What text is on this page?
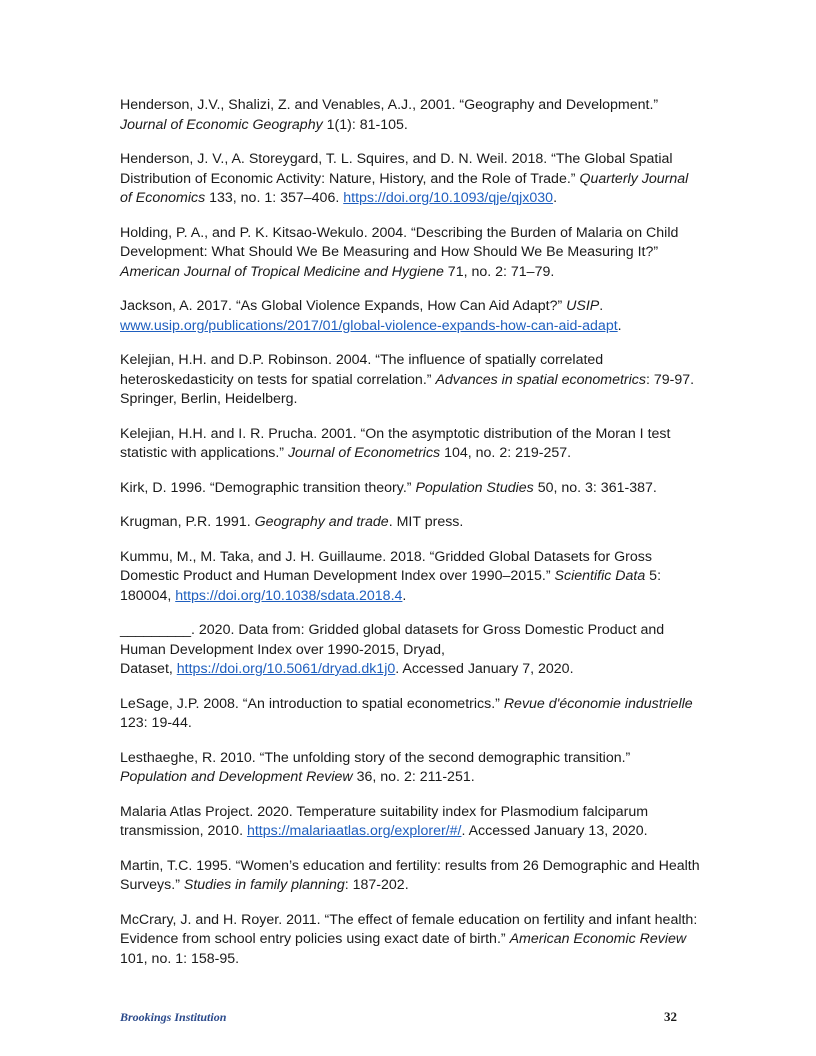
Henderson, J.V., Shalizi, Z. and Venables, A.J., 2001. “Geography and Development.” Journal of Economic Geography 1(1): 81-105.

Henderson, J. V., A. Storeygard, T. L. Squires, and D. N. Weil. 2018. “The Global Spatial Distribution of Economic Activity: Nature, History, and the Role of Trade.” Quarterly Journal of Economics 133, no. 1: 357–406. https://doi.org/10.1093/qje/qjx030.

Holding, P. A., and P. K. Kitsao-Wekulo. 2004. “Describing the Burden of Malaria on Child Development: What Should We Be Measuring and How Should We Be Measuring It?” American Journal of Tropical Medicine and Hygiene 71, no. 2: 71–79.

Jackson, A. 2017. “As Global Violence Expands, How Can Aid Adapt?” USIP. www.usip.org/publications/2017/01/global-violence-expands-how-can-aid-adapt.

Kelejian, H.H. and D.P. Robinson. 2004. “The influence of spatially correlated heteroskedasticity on tests for spatial correlation.” Advances in spatial econometrics: 79-97. Springer, Berlin, Heidelberg.

Kelejian, H.H. and I. R. Prucha. 2001. “On the asymptotic distribution of the Moran I test statistic with applications.” Journal of Econometrics 104, no. 2: 219-257.

Kirk, D. 1996. “Demographic transition theory.” Population Studies 50, no. 3: 361-387.

Krugman, P.R. 1991. Geography and trade. MIT press.

Kummu, M., M. Taka, and J. H. Guillaume. 2018. “Gridded Global Datasets for Gross Domestic Product and Human Development Index over 1990–2015.” Scientific Data 5: 180004, https://doi.org/10.1038/sdata.2018.4.

_________. 2020. Data from: Gridded global datasets for Gross Domestic Product and Human Development Index over 1990-2015, Dryad,
Dataset, https://doi.org/10.5061/dryad.dk1j0. Accessed January 7, 2020.

LeSage, J.P. 2008. “An introduction to spatial econometrics.” Revue d'économie industrielle 123: 19-44.

Lesthaeghe, R. 2010. “The unfolding story of the second demographic transition.” Population and Development Review 36, no. 2: 211-251.

Malaria Atlas Project. 2020. Temperature suitability index for Plasmodium falciparum transmission, 2010. https://malariaatlas.org/explorer/#/. Accessed January 13, 2020.

Martin, T.C. 1995. “Women’s education and fertility: results from 26 Demographic and Health Surveys.” Studies in family planning: 187-202.

McCrary, J. and H. Royer. 2011. “The effect of female education on fertility and infant health: Evidence from school entry policies using exact date of birth.” American Economic Review 101, no. 1: 158-95.

Brookings Institution	32
